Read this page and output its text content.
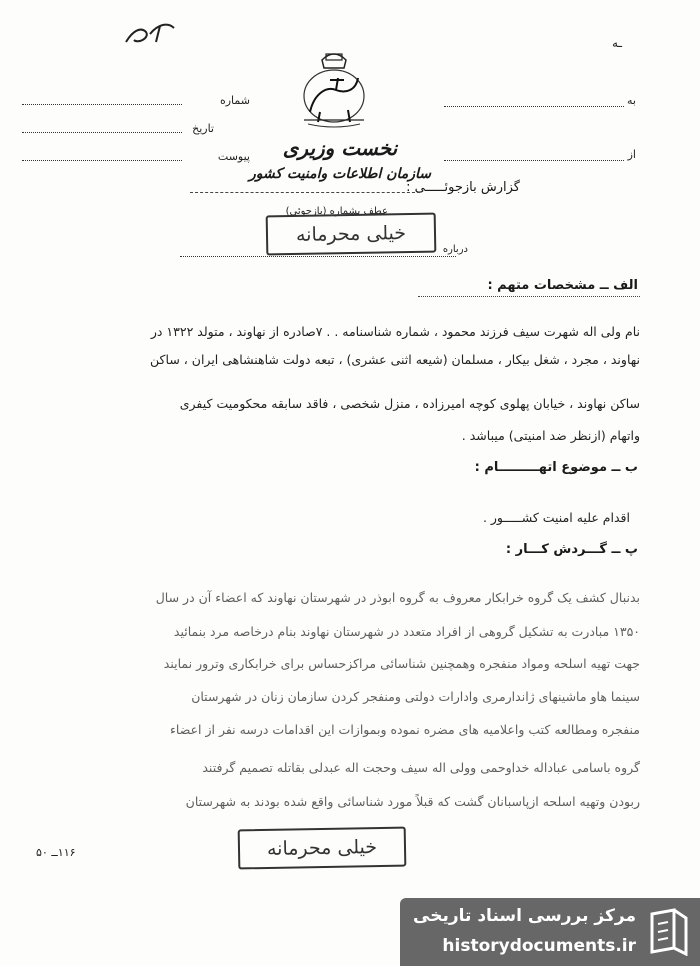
ـه
نخست وزیری
سازمان اطلاعات وامنیت کشور
به
از
شماره
تاریخ
پیوست
گزارش بازجوئـــــی :
عطف بشماره (بازجوئی)
خیلی محرمانه
درباره
الف ــ مشخصات متهم :
نام ولی اله شهرت سیف فرزند محمود ، شماره شناسنامه . . ۷صادره از نهاوند ، متولد ۱۳۲۲ در
نهاوند ، مجرد ، شغل بیکار ، مسلمان (شیعه اثنی عشری) ، تبعه دولت شاهنشاهی ایران ، ساکن
ساکن نهاوند ، خیابان پهلوی کوچه امیرزاده ، منزل شخصی ، فاقد سابقه محکومیت کیفری
واتهام (ازنظر ضد امنیتی) میباشد .
ب ــ موضوع اتهـــــــــام :
اقدام علیه امنیت کشـــــور .
پ ــ گـــردش کـــار :
بدنبال کشف یک گروه خرابکار معروف به گروه ابوذر در شهرستان نهاوند که اعضاء آن در سال
۱۳۵۰ مبادرت به تشکیل گروهی از افراد متعدد در شهرستان نهاوند بنام درخاصه مرد بنمائید
جهت تهیه اسلحه ومواد منفجره وهمچنین شناسائی مراکزحساس برای خرابکاری وترور نمایند
سینما هاو ماشینهای ژاندارمری وادارات دولتی ومنفجر کردن سازمان زنان در شهرستان
منفجره ومطالعه کتب واعلامیه های مضره نموده وبموازات این اقدامات درسه نفر از اعضاء
گروه باسامی عباداله خداوحمی وولی اله سیف وحجت اله عبدلی بقاتله تصمیم گرفتند
ربودن وتهیه اسلحه ازپاسبانان گشت که قبلاً مورد شناسائی واقع شده بودند به شهرستان
خیلی محرمانه
۱۱۶ــ ۵۰
مرکز بررسی اسناد تاریخی
historydocuments.ir
